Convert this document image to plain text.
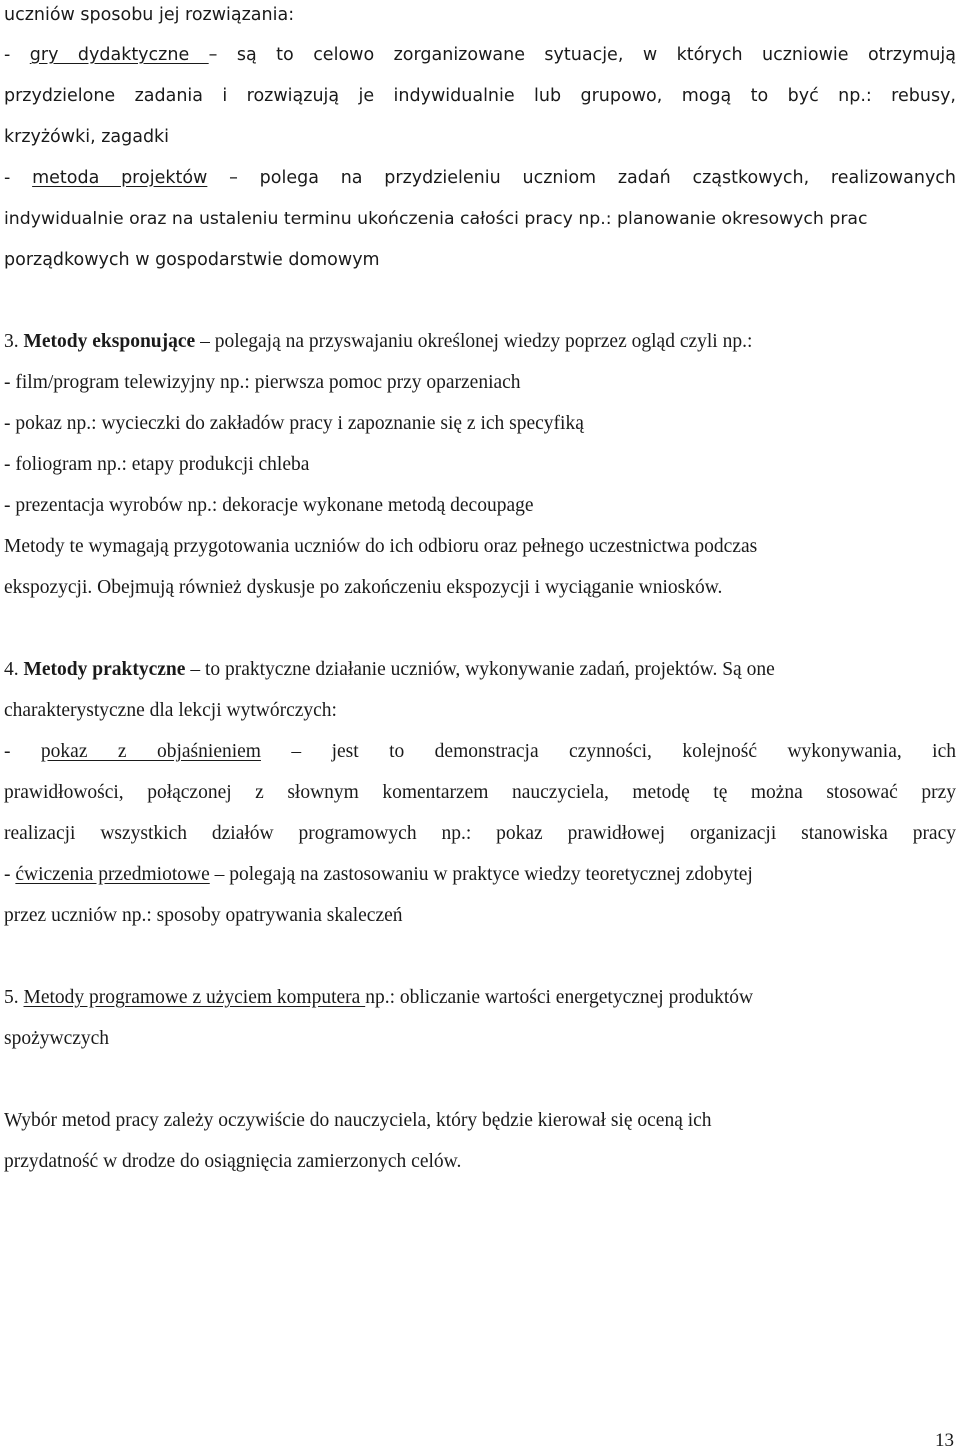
uczniów sposobu jej rozwiązania:
- gry dydaktyczne – są to celowo zorganizowane sytuacje, w których uczniowie otrzymują
przydzielone zadania i rozwiązują je indywidualnie lub grupowo, mogą to być np.: rebusy,
krzyżówki, zagadki
- metoda projektów – polega na przydzieleniu uczniom zadań cząstkowych, realizowanych
indywidualnie oraz na ustaleniu terminu ukończenia całości pracy np.: planowanie okresowych prac
porządkowych w gospodarstwie domowym
3. Metody eksponujące – polegają na przyswajaniu określonej wiedzy poprzez ogląd czyli np.:
- film/program telewizyjny np.: pierwsza pomoc przy oparzeniach
- pokaz np.: wycieczki do zakładów pracy i zapoznanie się z ich specyfiką
- foliogram np.: etapy produkcji chleba
- prezentacja wyrobów np.: dekoracje wykonane metodą decoupage
Metody te wymagają przygotowania uczniów do ich odbioru oraz pełnego uczestnictwa podczas
ekspozycji. Obejmują również dyskusje po zakończeniu ekspozycji i wyciąganie wniosków.
4. Metody praktyczne – to praktyczne działanie uczniów, wykonywanie zadań, projektów. Są one
charakterystyczne dla lekcji wytwórczych:
- pokaz z objaśnieniem – jest to demonstracja czynności, kolejność wykonywania, ich
prawidłowości, połączonej z słownym komentarzem nauczyciela, metodę tę można stosować przy
realizacji wszystkich działów programowych np.: pokaz prawidłowej organizacji stanowiska pracy
- ćwiczenia przedmiotowe – polegają na zastosowaniu w praktyce wiedzy teoretycznej zdobytej
przez uczniów np.: sposoby opatrywania skaleczeń
5. Metody programowe z użyciem komputera np.: obliczanie wartości energetycznej produktów
spożywczych
Wybór metod pracy zależy oczywiście do nauczyciela, który będzie kierował się oceną ich
przydatność w drodze do osiągnięcia zamierzonych celów.
13
